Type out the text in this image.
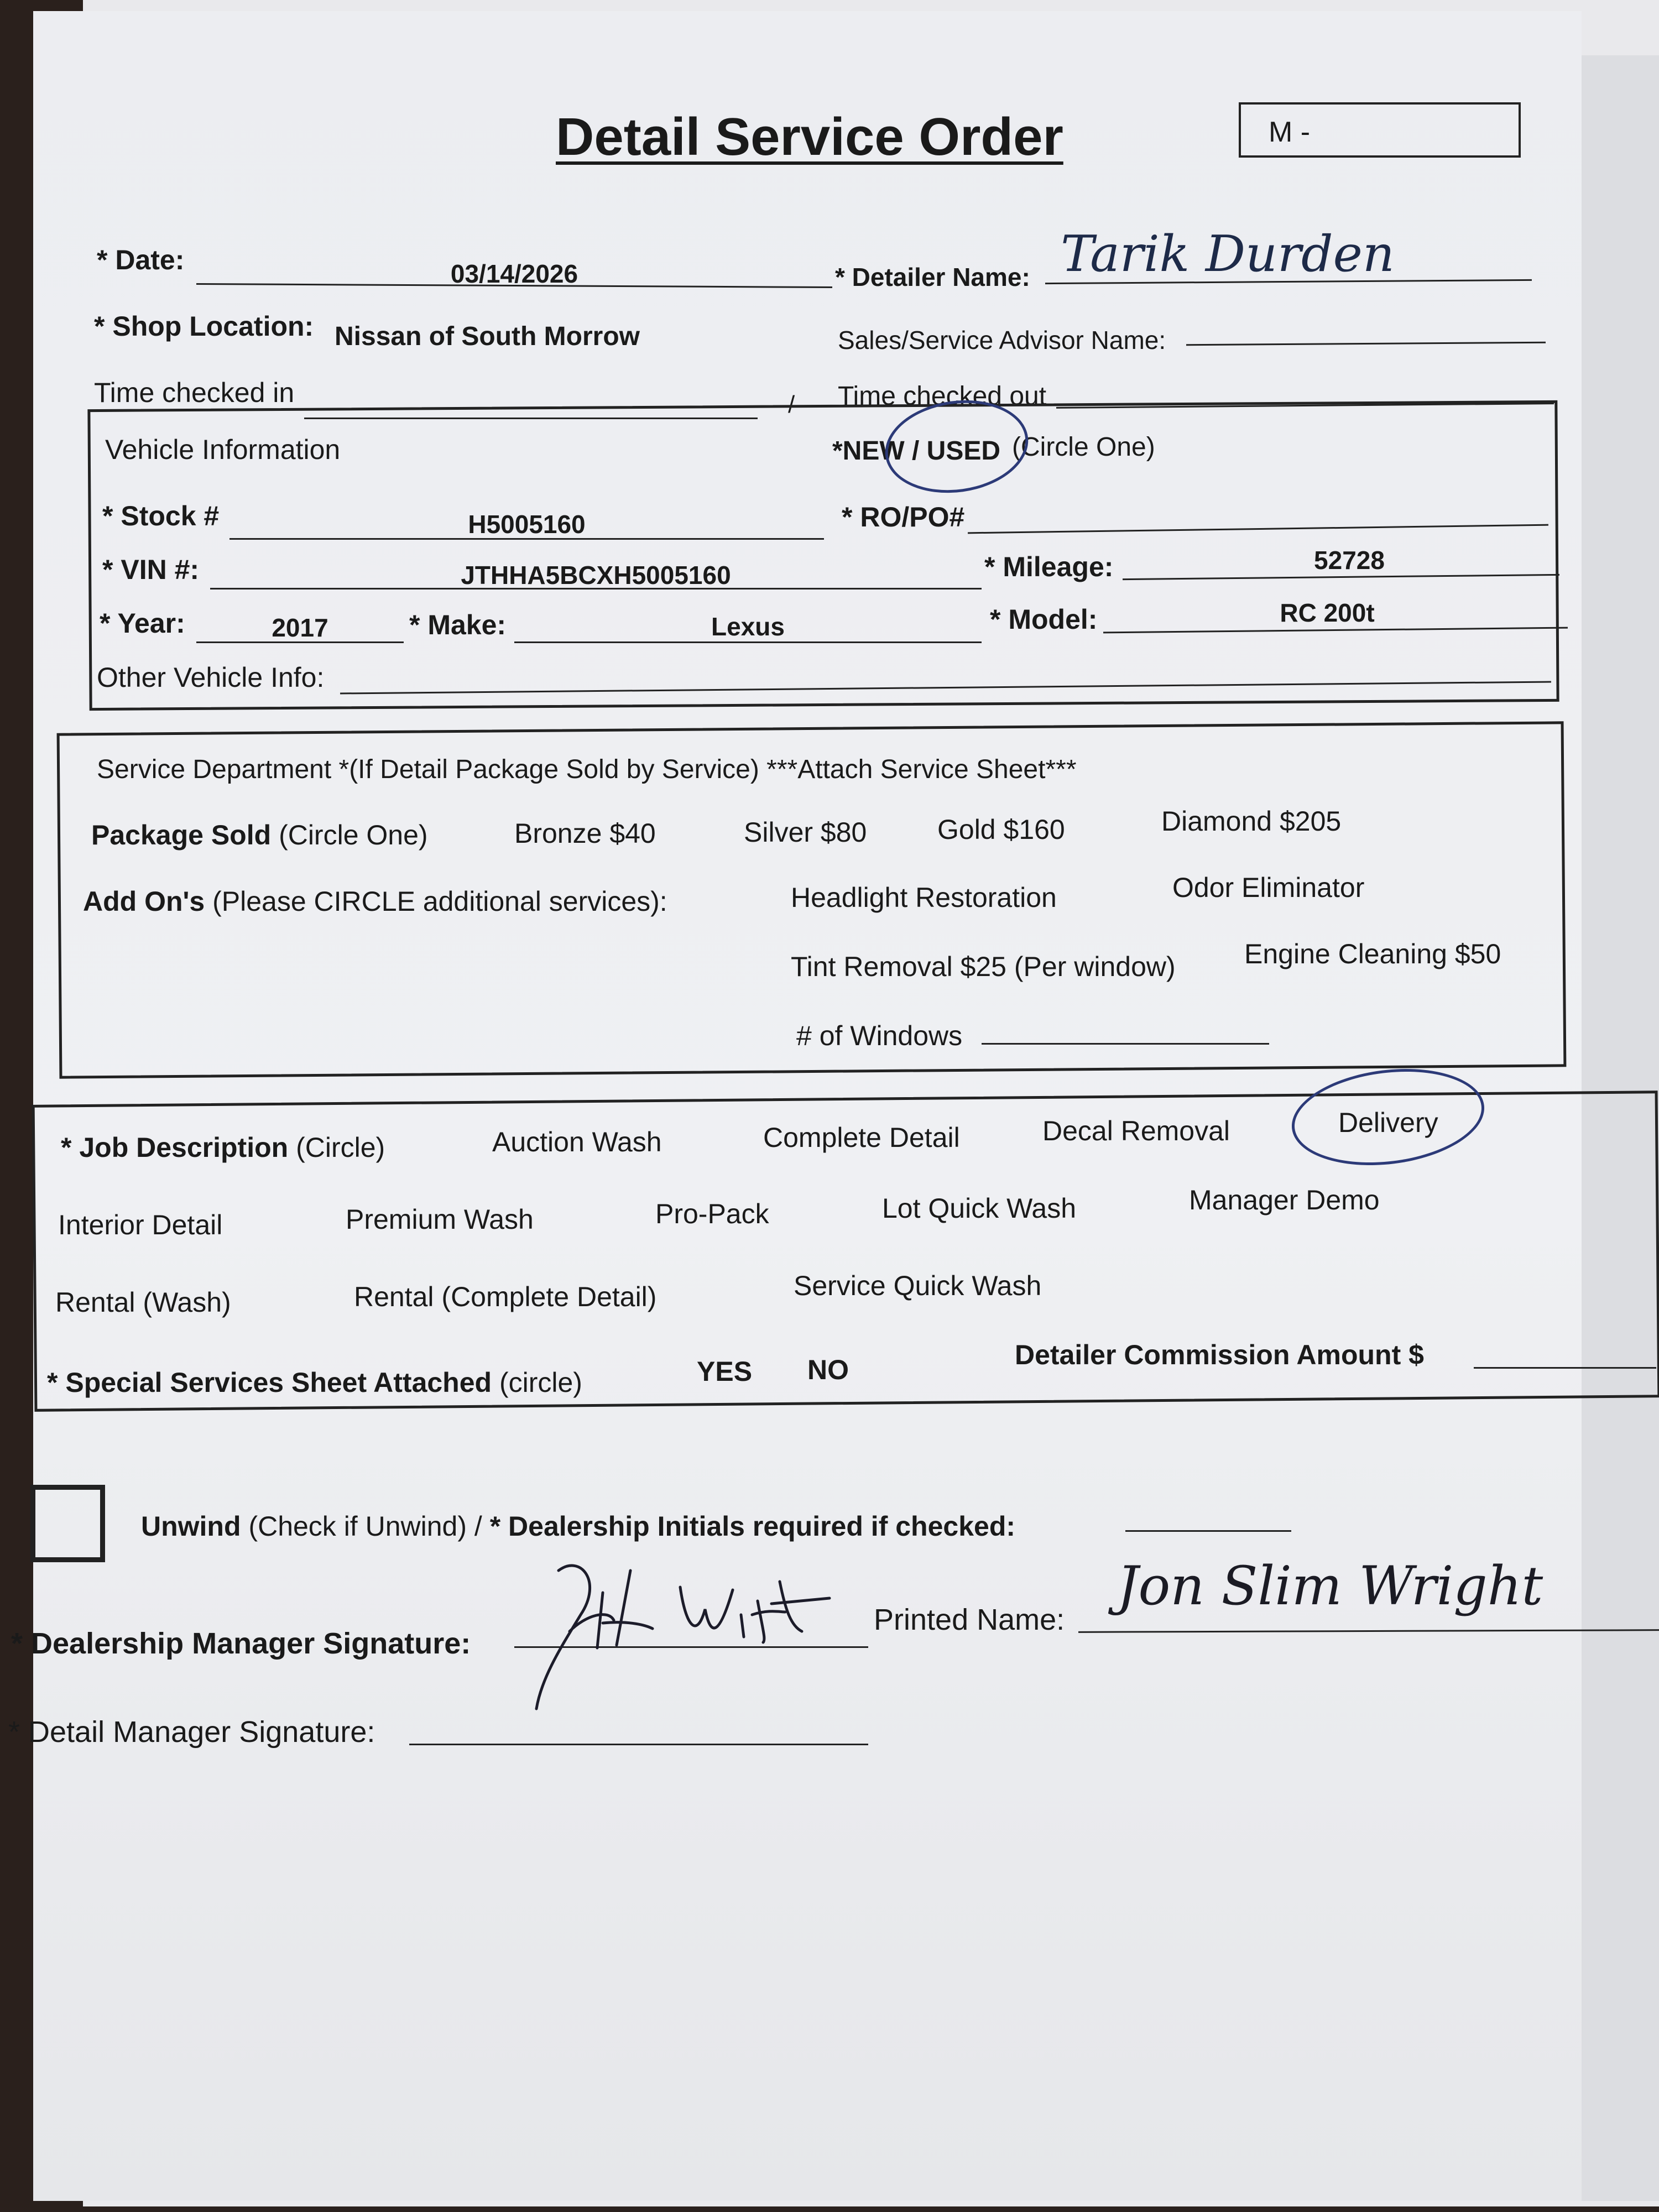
Detail Service Order	M -
* Date:	03/14/2026	* Detailer Name: Tarik Durden
* Shop Location: Nissan of South Morrow	Sales/Service Advisor Name:
Time checked in	/ Time checked out
Vehicle Information	*NEW / USED (Circle One)
* Stock #	H5005160	* RO/PO#
* VIN #:	JTHHA5BCXH5005160	* Mileage:	52728
* Year:	2017	* Make:	Lexus	* Model:	RC 200t
Other Vehicle Info:
Service Department *(If Detail Package Sold by Service) ***Attach Service Sheet***
Package Sold (Circle One)	Bronze $40	Silver $80	Gold $160	Diamond $205
Add On's (Please CIRCLE additional services):	Headlight Restoration	Odor Eliminator
Tint Removal $25 (Per window) Engine Cleaning $50
# of Windows
* Job Description (Circle)	Auction Wash	Complete Detail	Decal Removal	Delivery
Interior Detail	Premium Wash	Pro-Pack	Lot Quick Wash	Manager Demo
Rental (Wash)	Rental (Complete Detail)	Service Quick Wash
* Special Services Sheet Attached (circle)	YES NO	Detailer Commission Amount $
Unwind (Check if Unwind) / * Dealership Initials required if checked:
* Dealership Manager Signature:
Printed Name:
Jon Slim Wright
* Detail Manager Signature:
